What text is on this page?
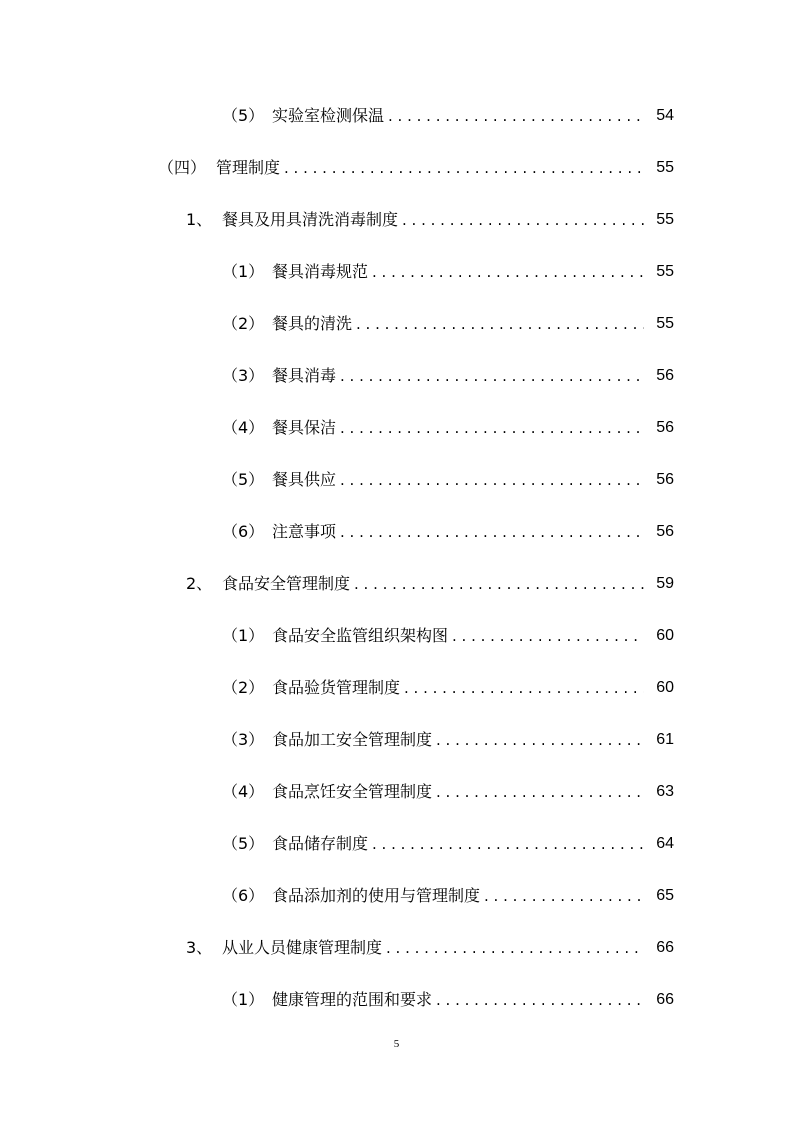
（5） 实验室检测保温 . . .	54
（四） 管理制度 . . .	55
1、 餐具及用具清洗消毒制度 . . .	55
（1） 餐具消毒规范 . . .	55
（2） 餐具的清洗 . . .	55
（3） 餐具消毒 . . .	56
（4） 餐具保洁 . . .	56
（5） 餐具供应 . . .	56
（6） 注意事项 . . .	56
2、 食品安全管理制度 . . .	59
（1） 食品安全监管组织架构图 . . .	60
（2） 食品验货管理制度 . . .	60
（3） 食品加工安全管理制度 . . .	61
（4） 食品烹饪安全管理制度 . . .	63
（5） 食品储存制度 . . .	64
（6） 食品添加剂的使用与管理制度 . . .	65
3、 从业人员健康管理制度 . . .	66
（1） 健康管理的范围和要求 . . .	66
5
